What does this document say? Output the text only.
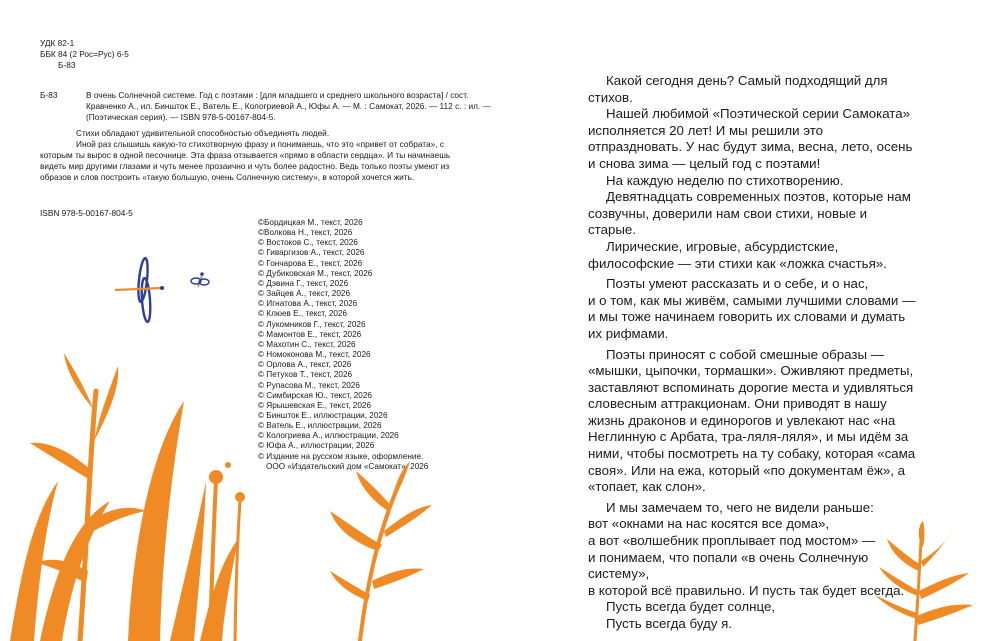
УДК 82-1
ББК 84 (2 Рос=Рус) 6-5
Б-83
Б-83	В очень Солнечной системе. Год с поэтами : [для младшего и среднего школьного возраста] / сост. Кравченко А., ил. Биншток Е., Ватель Е., Кологриевой А., Юфы А. — М. : Самокат, 2026. — 112 с. : ил. — (Поэтическая серия). — ISBN 978-5-00167-804-5.

Стихи обладают удивительной способностью объединять людей.

Иной раз слышишь какую-то стихотворную фразу и понимаешь, что это «привет от собрата», с которым ты вырос в одной песочнице. Эта фраза отзывается «прямо в области сердца». И ты начинаешь видеть мир другими глазами и чуть менее прозаично и чуть более радостно. Ведь только поэты умеют из образов и слов построить «такую большую, очень Солнечную систему», в которой хочется жить.

ISBN 978-5-00167-804-5
©Бордицкая М., текст, 2026
©Волкова Н., текст, 2026
© Востоков С., текст, 2026
© Гиваргизов А., текст, 2026
© Гончарова Е., текст, 2026
© Дубиковская М., текст, 2026
© Дэвина Г., текст, 2026
© Зайцев А., текст, 2026
© Игнатова А., текст, 2026
© Клюев Е., текст, 2026
© Лукомников Г., текст, 2026
© Мамонтов Е., текст, 2026
© Махотин С., текст, 2026
© Номоконова М., текст, 2026
© Орлова А., текст, 2026
© Петухов Т., текст, 2026
© Рупасова М., текст, 2026
© Симбирская Ю., текст, 2026
© Ярышевская Е., текст, 2026
© Биншток Е., иллюстрации, 2026
© Ватель Е., иллюстрации, 2026
© Кологриева А., иллюстрации, 2026
© Юфа А., иллюстрации, 2026
© Издание на русском языке, оформление.
ООО «Издательский дом «Самокат», 2026

Какой сегодня день? Самый подходящий для стихов.

Нашей любимой «Поэтической серии Самоката» исполняется 20 лет! И мы решили это отпраздновать. У нас будут зима, весна, лето, осень и снова зима — целый год с поэтами!

На каждую неделю по стихотворению.

Девятнадцать современных поэтов, которые нам созвучны, доверили нам свои стихи, новые и старые.

Лирические, игровые, абсурдистские, философские — эти стихи как «ложка счастья».

Поэты умеют рассказать и о себе, и о нас,

и о том, как мы живём, самыми лучшими словами —

и мы тоже начинаем говорить их словами и думать их рифмами.

Поэты приносят с собой смешные образы — «мышки, цыпочки, тормашки». Оживляют предметы, заставляют вспоминать дорогие места и удивляться словесным аттракционам. Они приводят в нашу жизнь драконов и единорогов и увлекают нас «на Неглинную с Арбата, тра-ляля-ляля», и мы идём за ними, чтобы посмотреть на ту собаку, которая «сама своя». Или на ежа, который «по документам ёж», а «топает, как слон».

И мы замечаем то, чего не видели раньше:

вот «окнами на нас косятся все дома»,

а вот «волшебник проплывает под мостом» —

и понимаем, что попали «в очень Солнечную систему»,

в которой всё правильно. И пусть так будет всегда.

Пусть всегда будет солнце,

Пусть всегда буду я.
